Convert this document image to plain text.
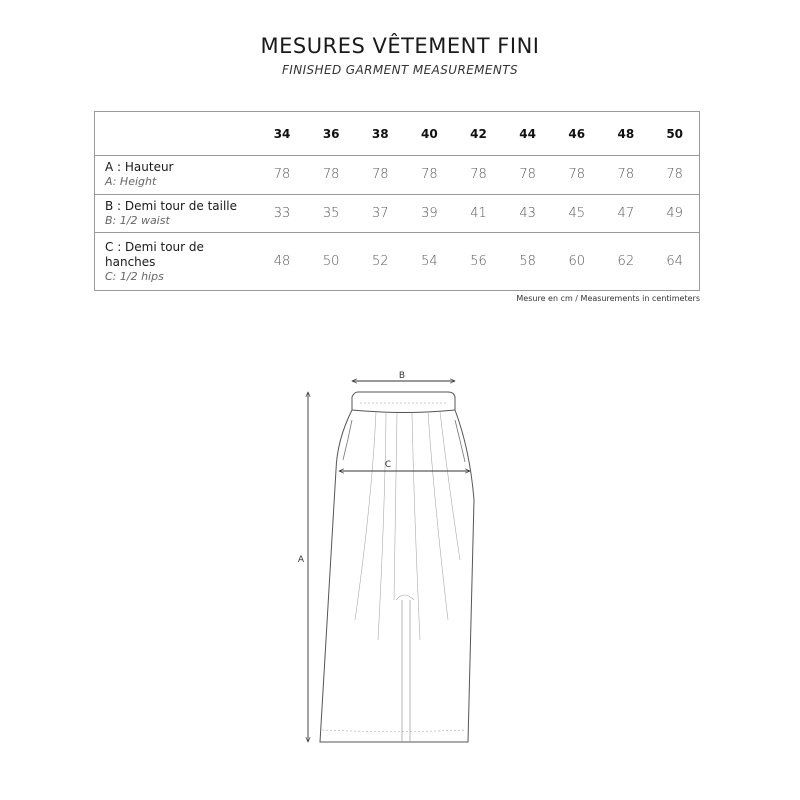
MESURES VÊTEMENT FINI
FINISHED GARMENT MEASUREMENTS
	34	36	38	40	42	44	46	48	50

A : Hauteur
A: Height	78	78	78	78	78	78	78	78	78

B : Demi tour de taille
B: 1/2 waist	33	35	37	39	41	43	45	47	49

C : Demi tour de hanches
C: 1/2 hips	48	50	52	54	56	58	60	62	64
Mesure en cm / Measurements in centimeters
A
B
C
